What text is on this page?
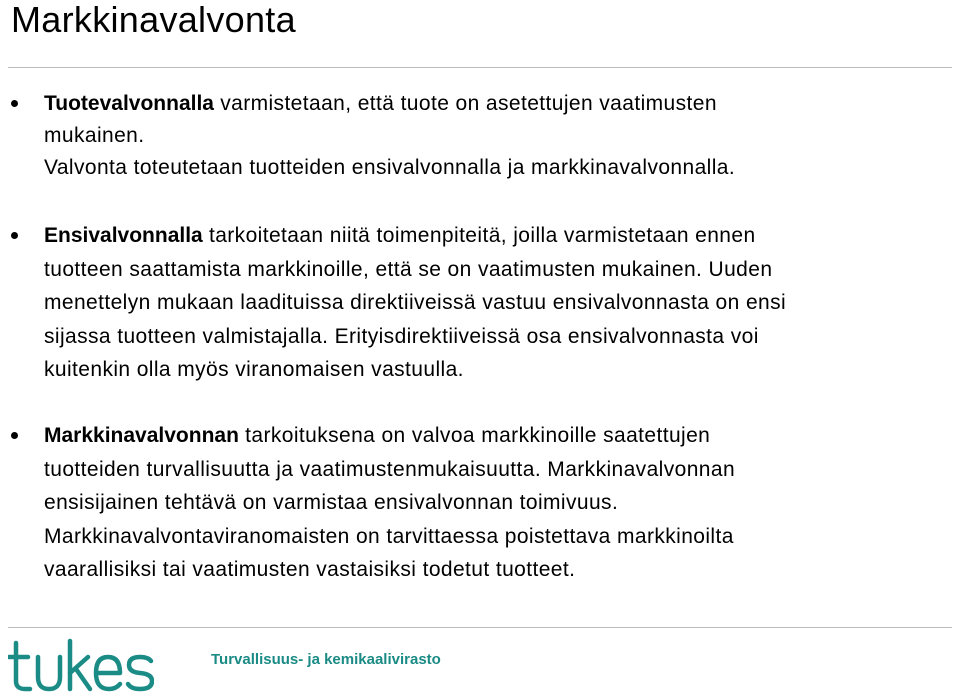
Markkinavalvonta
Tuotevalvonnalla varmistetaan, että tuote on asetettujen vaatimusten
mukainen.
Valvonta toteutetaan tuotteiden ensivalvonnalla ja markkinavalvonnalla.
Ensivalvonnalla tarkoitetaan niitä toimenpiteitä, joilla varmistetaan ennen
tuotteen saattamista markkinoille, että se on vaatimusten mukainen. Uuden
menettelyn mukaan laadituissa direktiiveissä vastuu ensivalvonnasta on ensi
sijassa tuotteen valmistajalla. Erityisdirektiiveissä osa ensivalvonnasta voi
kuitenkin olla myös viranomaisen vastuulla.
Markkinavalvonnan tarkoituksena on valvoa markkinoille saatettujen
tuotteiden turvallisuutta ja vaatimustenmukaisuutta. Markkinavalvonnan
ensisijainen tehtävä on varmistaa ensivalvonnan toimivuus.
Markkinavalvontaviranomaisten on tarvittaessa poistettava markkinoilta
vaarallisiksi tai vaatimusten vastaisiksi todetut tuotteet.
Turvallisuus- ja kemikaalivirasto
